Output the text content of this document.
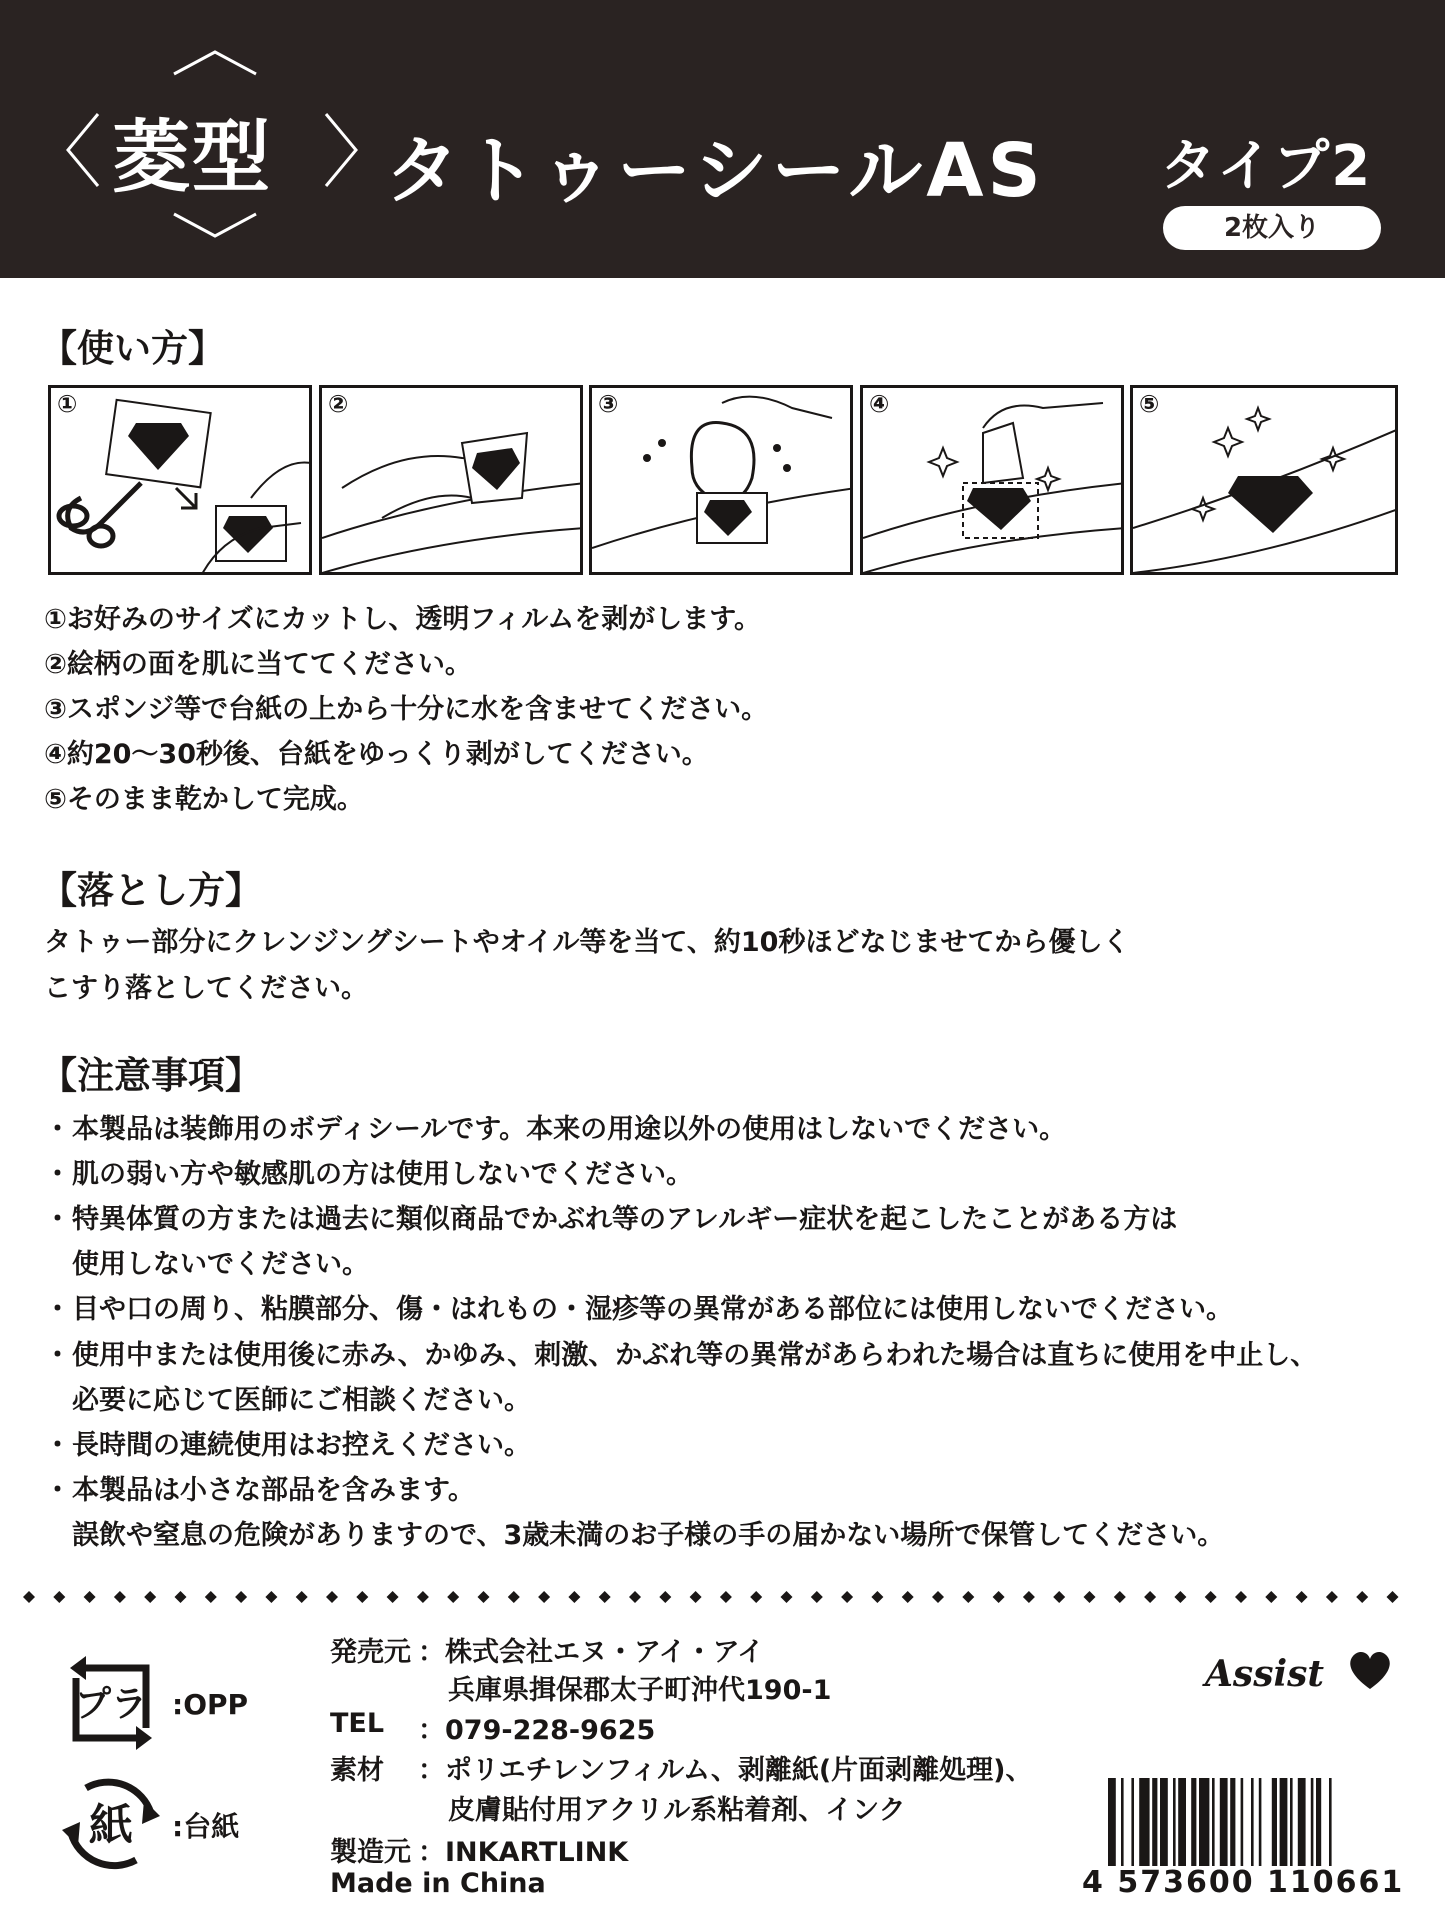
菱型 タトゥーシールAS タイプ2
2枚入り
【使い方】
①	②	③	④	⑤
①お好みのサイズにカットし、透明フィルムを剥がします。
②絵柄の面を肌に当ててください。
③スポンジ等で台紙の上から十分に水を含ませてください。
④約20～30秒後、台紙をゆっくり剥がしてください。
⑤そのまま乾かして完成。
【落とし方】
タトゥー部分にクレンジングシートやオイル等を当て、約10秒ほどなじませてから優しく
こすり落としてください。
【注意事項】
・本製品は装飾用のボディシールです。本来の用途以外の使用はしないでください。
・肌の弱い方や敏感肌の方は使用しないでください。
・特異体質の方または過去に類似商品でかぶれ等のアレルギー症状を起こしたことがある方は
使用しないでください。
・目や口の周り、粘膜部分、傷・はれもの・湿疹等の異常がある部位には使用しないでください。
・使用中または使用後に赤み、かゆみ、刺激、かぶれ等の異常があらわれた場合は直ちに使用を中止し、
必要に応じて医師にご相談ください。
・長時間の連続使用はお控えください。
・本製品は小さな部品を含みます。
誤飲や窒息の危険がありますので、3歳未満のお子様の手の届かない場所で保管してください。
プラ :OPP
紙 :台紙
発売元 ：株式会社エヌ・アイ・アイ
兵庫県揖保郡太子町沖代190-1
TEL ：079-228-9625
素材 ：ポリエチレンフィルム、剥離紙(片面剥離処理)、
皮膚貼付用アクリル系粘着剤、インク
製造元 ：INKARTLINK
Made in China
Assist
4 573600 110661
